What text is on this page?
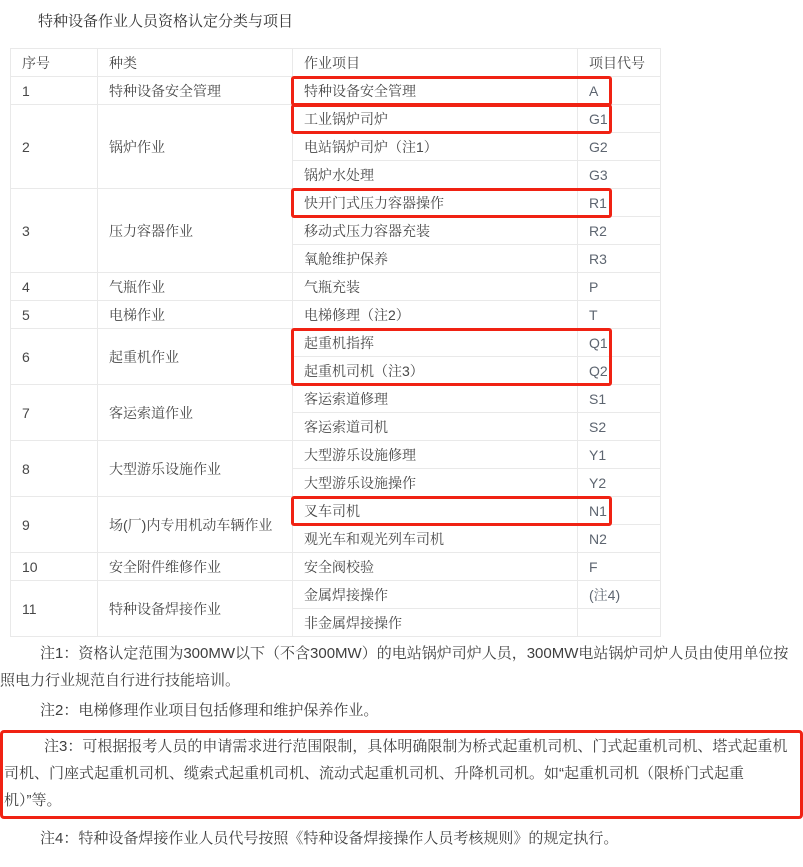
特种设备作业人员资格认定分类与项目
序号	种类	作业项目	项目代号
1	特种设备安全管理	特种设备安全管理	A
2	锅炉作业	工业锅炉司炉	G1
		电站锅炉司炉（注1）	G2
		锅炉水处理	G3
3	压力容器作业	快开门式压力容器操作	R1
		移动式压力容器充装	R2
		氧舱维护保养	R3
4	气瓶作业	气瓶充装	P
5	电梯作业	电梯修理（注2）	T
6	起重机作业	起重机指挥	Q1
		起重机司机（注3）	Q2
7	客运索道作业	客运索道修理	S1
		客运索道司机	S2
8	大型游乐设施作业	大型游乐设施修理	Y1
		大型游乐设施操作	Y2
9	场(厂)内专用机动车辆作业	叉车司机	N1
		观光车和观光列车司机	N2
10	安全附件维修作业	安全阀校验	F
11	特种设备焊接作业	金属焊接操作	(注4)
		非金属焊接操作	

注1：资格认定范围为300MW以下（不含300MW）的电站锅炉司炉人员，300MW电站锅炉司炉人员由使用单位按照电力行业规范自行进行技能培训。

注2：电梯修理作业项目包括修理和维护保养作业。

注3：可根据报考人员的申请需求进行范围限制，具体明确限制为桥式起重机司机、门式起重机司机、塔式起重机司机、门座式起重机司机、缆索式起重机司机、流动式起重机司机、升降机司机。如“起重机司机（限桥门式起重机）”等。

注4：特种设备焊接作业人员代号按照《特种设备焊接操作人员考核规则》的规定执行。
